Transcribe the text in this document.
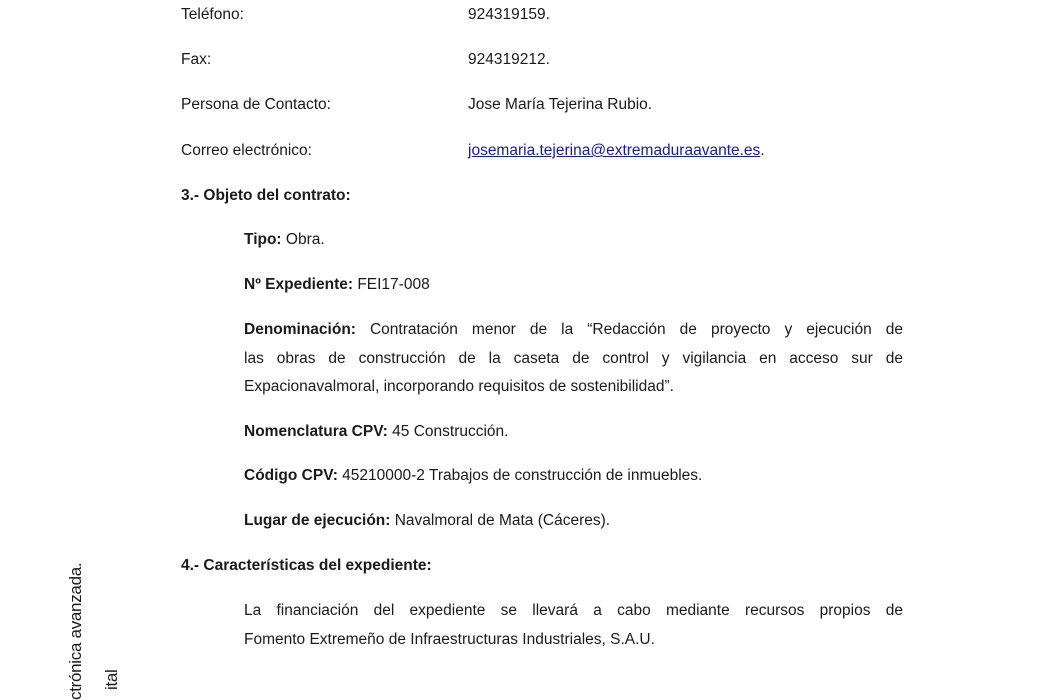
Teléfono:	924319159.
Fax:	924319212.
Persona de Contacto:	Jose María Tejerina Rubio.
Correo electrónico:	josemaria.tejerina@extremaduraavante.es.
3.- Objeto del contrato:
Tipo: Obra.
Nº Expediente: FEI17-008
Denominación: Contratación menor de la “Redacción de proyecto y ejecución de
las obras de construcción de la caseta de control y vigilancia en acceso sur de
Expacionavalmoral, incorporando requisitos de sostenibilidad”.
Nomenclatura CPV: 45 Construcción.
Código CPV: 45210000-2 Trabajos de construcción de inmuebles.
Lugar de ejecución: Navalmoral de Mata (Cáceres).
4.- Características del expediente:
La financiación del expediente se llevará a cabo mediante recursos propios de
Fomento Extremeño de Infraestructuras Industriales, S.A.U.
ctrónica avanzada. ital
